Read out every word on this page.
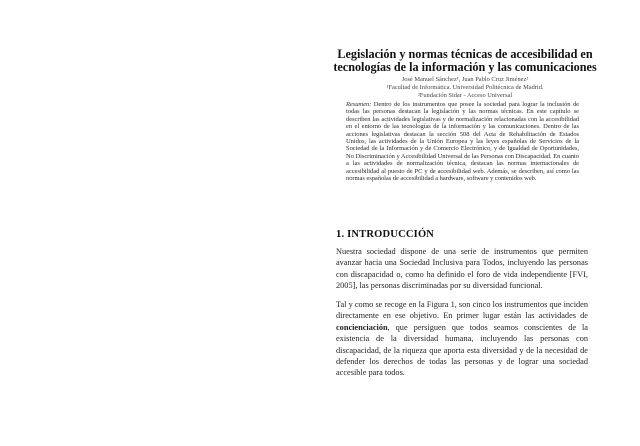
Legislación y normas técnicas de accesibilidad en tecnologías de la información y las comunicaciones
José Manuel Sánchez¹, Juan Pablo Cruz Jiménez²
¹Facultad de Informática. Universidad Politécnica de Madrid.
²Fundación Sidar - Acceso Universal
Resumen: Dentro de los instrumentos que posee la sociedad para lograr la inclusión de todas las personas destacan la legislación y las normas técnicas. En este capítulo se describen las actividades legislativas y de normalización relacionadas con la accesibilidad en el entorno de las tecnologías de la información y las comunicaciones. Dentro de las acciones legislativas destacan la sección 508 del Acta de Rehabilitación de Estados Unidos, las actividades de la Unión Europea y las leyes españolas de Servicios de la Sociedad de la Información y de Comercio Electrónico, y de Igualdad de Oportunidades, No Discriminación y Accesibilidad Universal de las Personas con Discapacidad. En cuanto a las actividades de normalización técnica, destacan las normas internacionales de accesibilidad al puesto de PC y de accesibilidad web. Además, se describen, así como las normas españolas de accesibilidad a hardware, software y contenidos web.
1. INTRODUCCIÓN
Nuestra sociedad dispone de una serie de instrumentos que permiten avanzar hacia una Sociedad Inclusiva para Todos, incluyendo las personas con discapacidad o, como ha definido el foro de vida independiente [FVI, 2005], las personas discriminadas por su diversidad funcional.
Tal y como se recoge en la Figura 1, son cinco los instrumentos que inciden directamente en ese objetivo. En primer lugar están las actividades de concienciación, que persiguen que todos seamos conscientes de la existencia de la diversidad humana, incluyendo las personas con discapacidad, de la riqueza que aporta esta diversidad y de la necesidad de defender los derechos de todas las personas y de lograr una sociedad accesible para todos.
